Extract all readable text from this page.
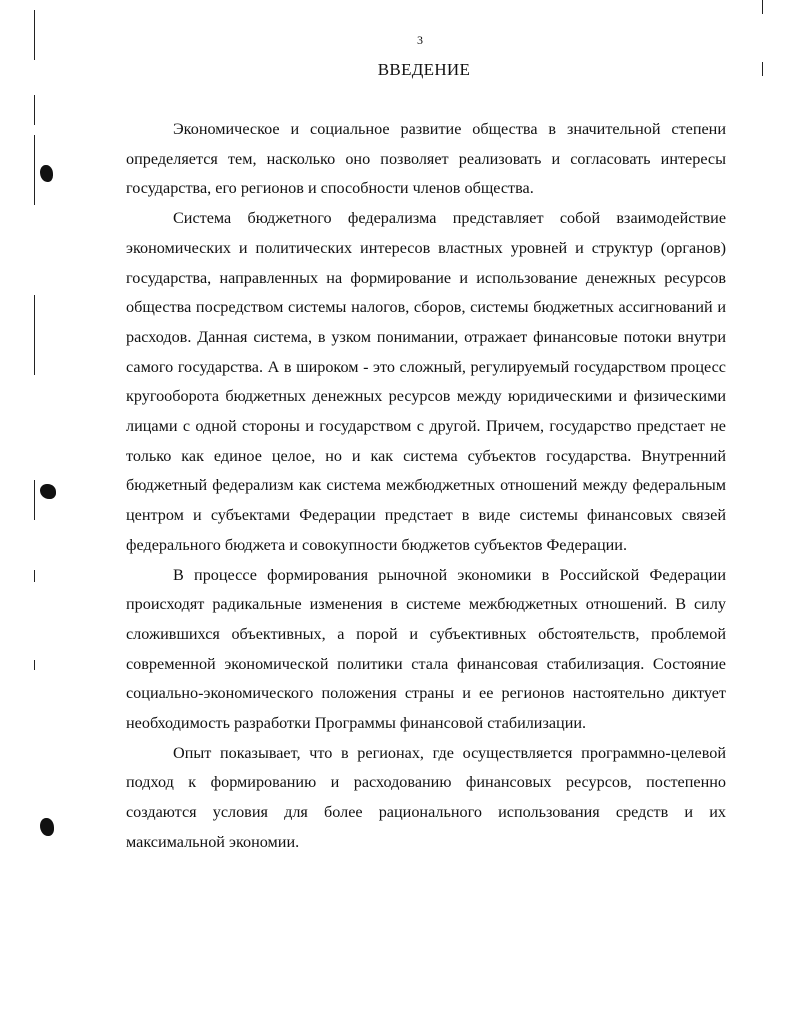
3
ВВЕДЕНИЕ

Экономическое и социальное развитие общества в значительной степени определяется тем, насколько оно позволяет реализовать и согласовать интересы государства, его регионов и способности членов общества.

Система бюджетного федерализма представляет собой взаимодействие экономических и политических интересов властных уровней и структур (органов) государства, направленных на формирование и использование денежных ресурсов общества посредством системы налогов, сборов, системы бюджетных ассигнований и расходов. Данная система, в узком понимании, отражает финансовые потоки внутри самого государства. А в широком - это сложный, регулируемый государством процесс кругооборота бюджетных денежных ресурсов между юридическими и физическими лицами с одной стороны и государством с другой. Причем, государство предстает не только как единое целое, но и как система субъектов государства. Внутренний бюджетный федерализм как система межбюджетных отношений между федеральным центром и субъектами Федерации предстает в виде системы финансовых связей федерального бюджета и совокупности бюджетов субъектов Федерации.

В процессе формирования рыночной экономики в Российской Федерации происходят радикальные изменения в системе межбюджетных отношений. В силу сложившихся объективных, а порой и субъективных обстоятельств, проблемой современной экономической политики стала финансовая стабилизация. Состояние социально-экономического положения страны и ее регионов настоятельно диктует необходимость разработки Программы финансовой стабилизации.

Опыт показывает, что в регионах, где осуществляется программно-целевой подход к формированию и расходованию финансовых ресурсов, постепенно создаются условия для более рационального использования средств и их максимальной экономии.
